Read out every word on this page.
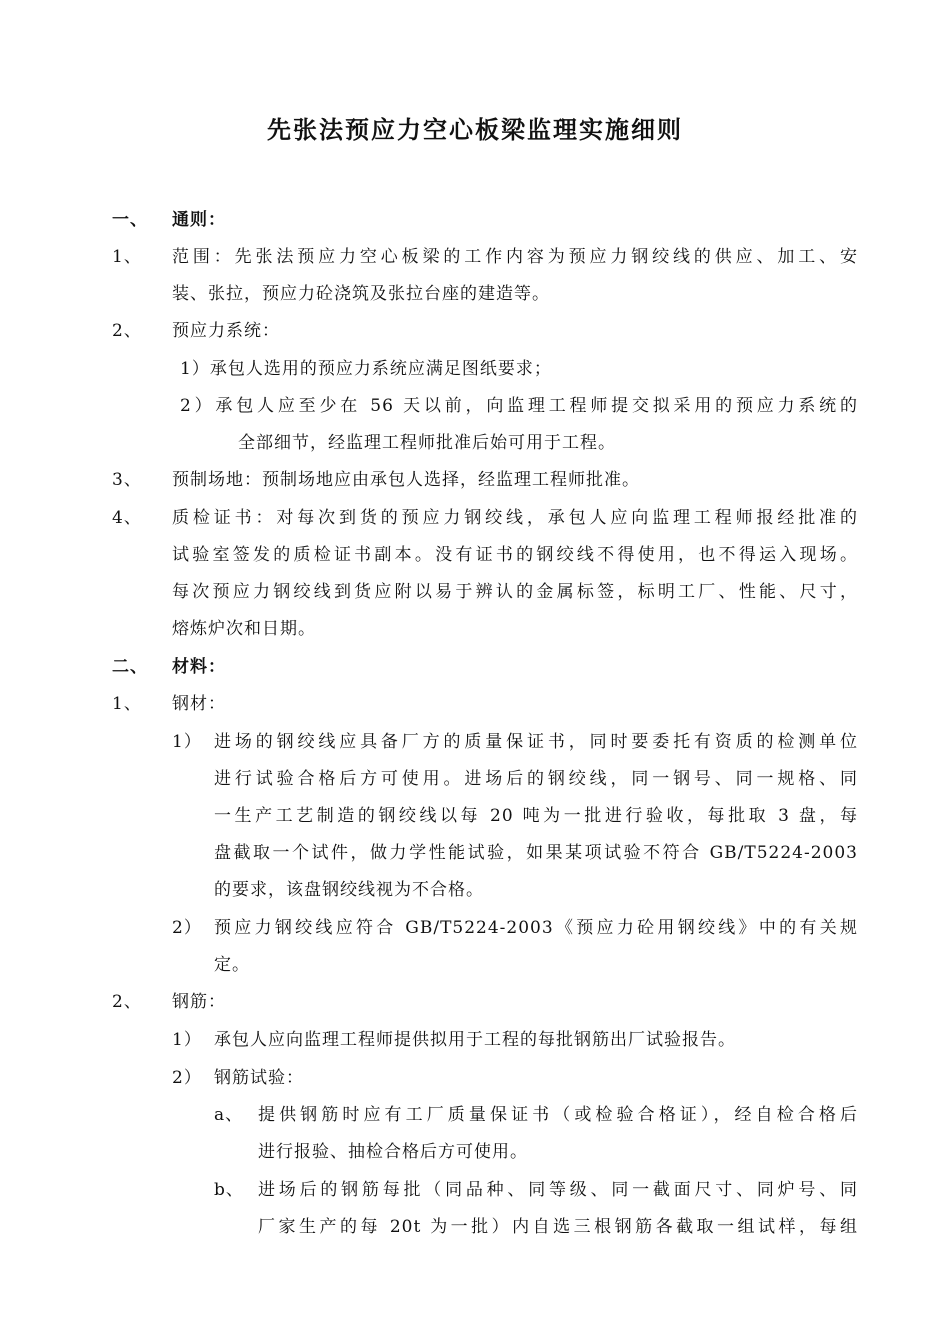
先张法预应力空心板梁监理实施细则
一、 通则：
1、 范围：先张法预应力空心板梁的工作内容为预应力钢绞线的供应、加工、安
装、张拉，预应力砼浇筑及张拉台座的建造等。
2、 预应力系统：
1）承包人选用的预应力系统应满足图纸要求；
2）承包人应至少在 56 天以前，向监理工程师提交拟采用的预应力系统的
全部细节，经监理工程师批准后始可用于工程。
3、 预制场地：预制场地应由承包人选择，经监理工程师批准。
4、 质检证书：对每次到货的预应力钢绞线，承包人应向监理工程师报经批准的
试验室签发的质检证书副本。没有证书的钢绞线不得使用，也不得运入现场。
每次预应力钢绞线到货应附以易于辨认的金属标签，标明工厂、性能、尺寸，
熔炼炉次和日期。
二、 材料：
1、 钢材：
1） 进场的钢绞线应具备厂方的质量保证书，同时要委托有资质的检测单位
进行试验合格后方可使用。进场后的钢绞线，同一钢号、同一规格、同
一生产工艺制造的钢绞线以每 20 吨为一批进行验收，每批取 3 盘，每
盘截取一个试件，做力学性能试验，如果某项试验不符合 GB/T5224-2003
的要求，该盘钢绞线视为不合格。
2） 预应力钢绞线应符合 GB/T5224-2003《预应力砼用钢绞线》中的有关规
定。
2、 钢筋：
1） 承包人应向监理工程师提供拟用于工程的每批钢筋出厂试验报告。
2） 钢筋试验：
a、 提供钢筋时应有工厂质量保证书（或检验合格证），经自检合格后
进行报验、抽检合格后方可使用。
b、 进场后的钢筋每批（同品种、同等级、同一截面尺寸、同炉号、同
厂家生产的每 20t 为一批）内自选三根钢筋各截取一组试样，每组
